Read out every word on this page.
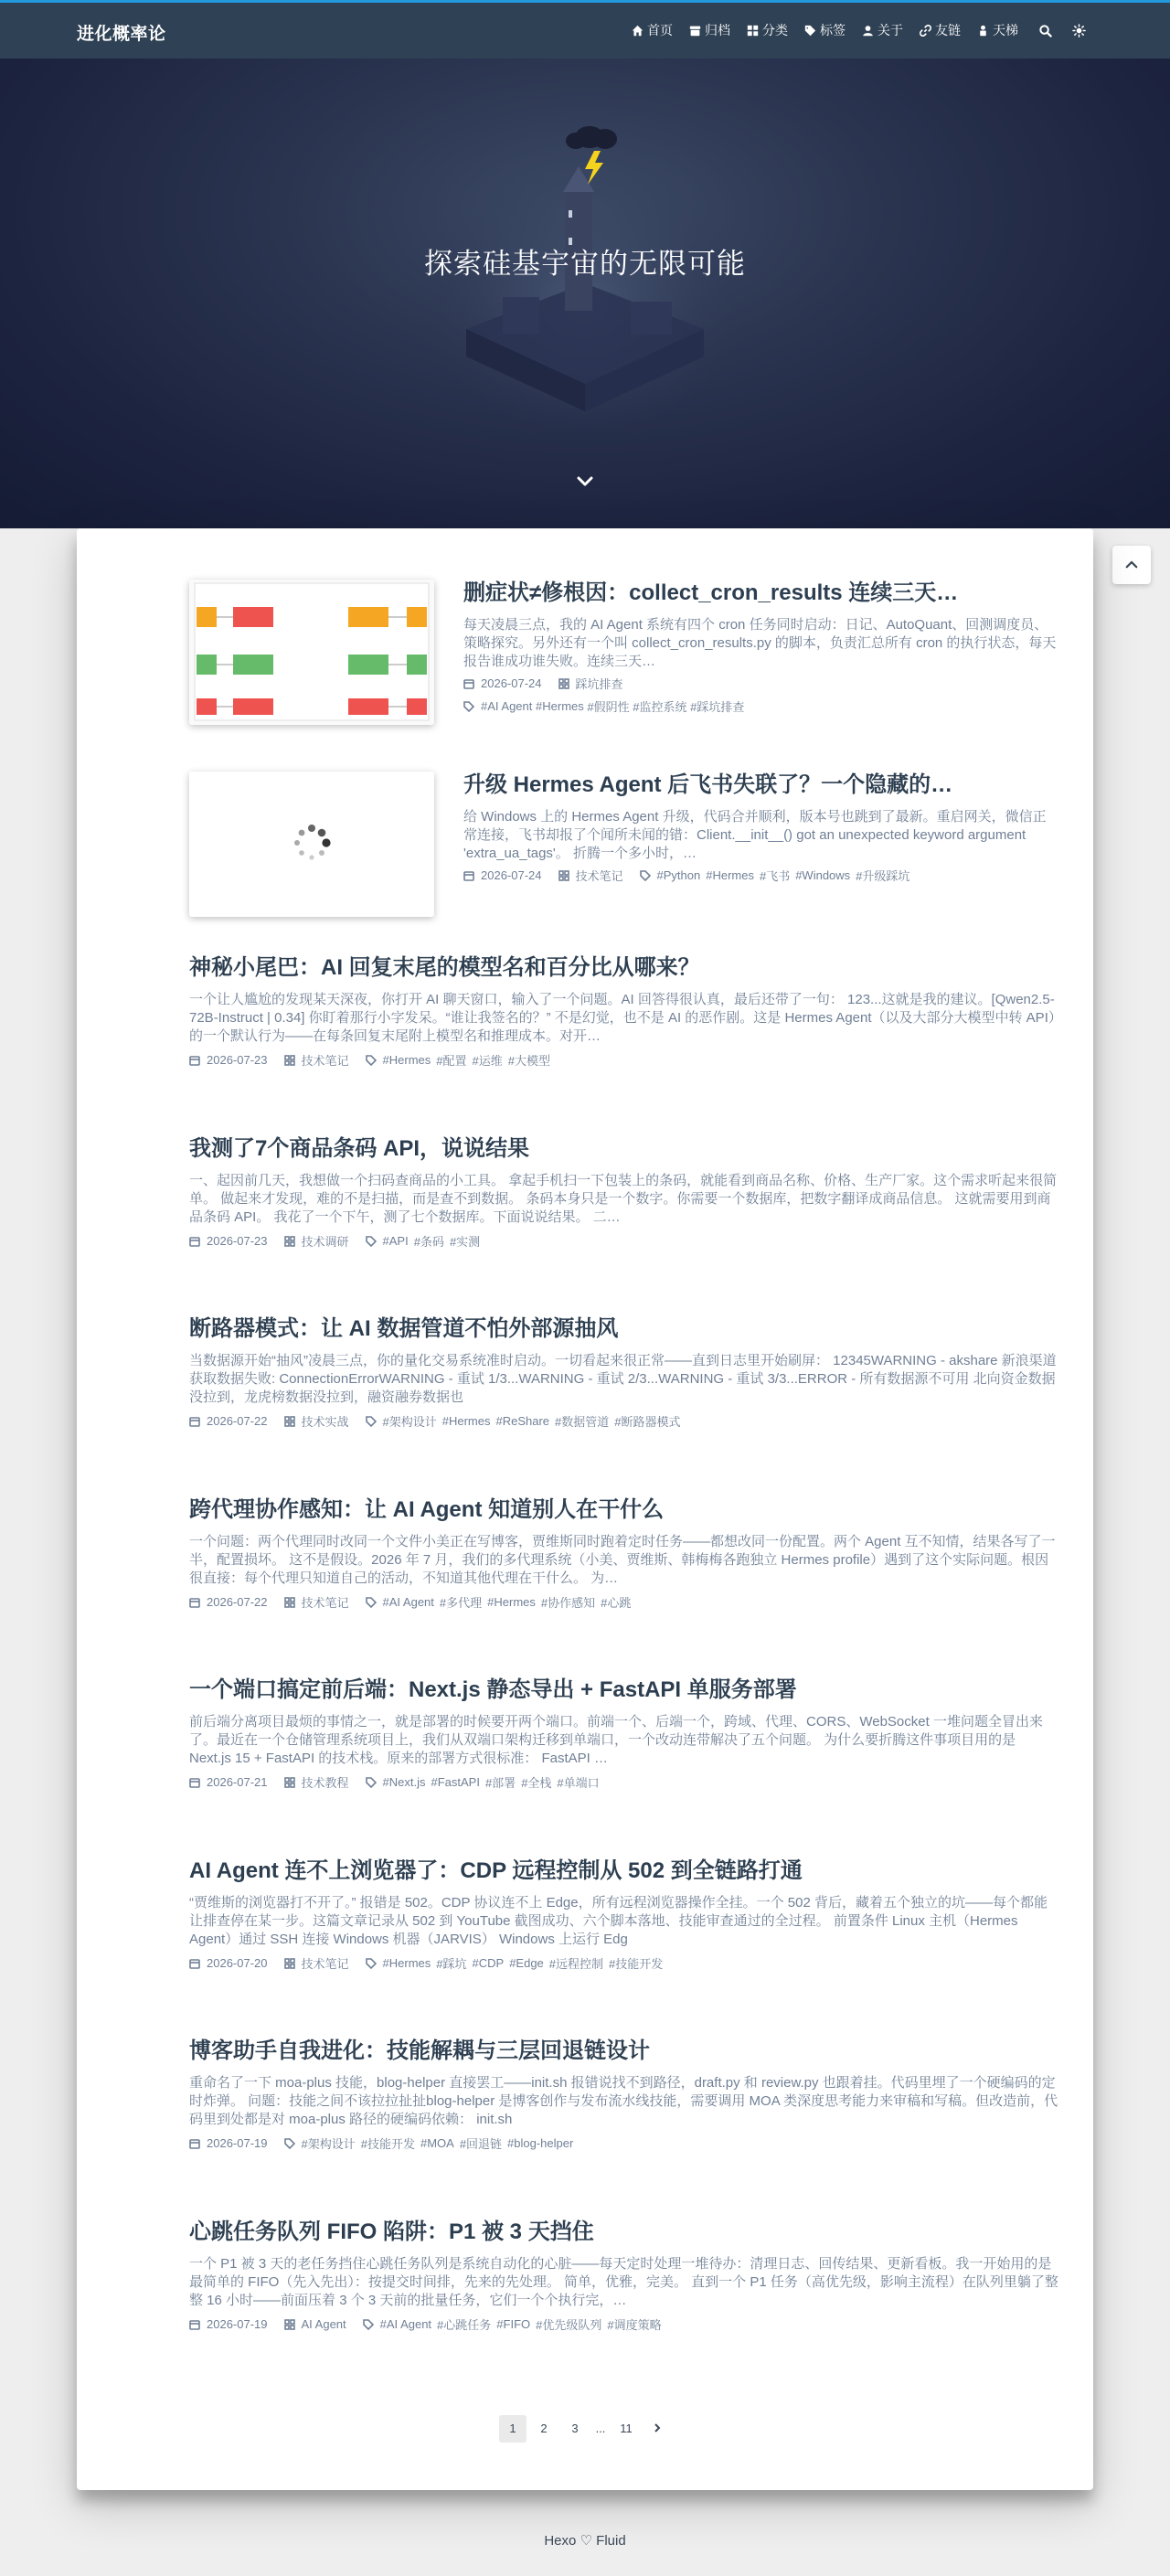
探索硅基宇宙的无限可能
进化概率论	首页	归档	分类	标签	关于	友链	天梯
删症状≠修根因：collect_cron_results 连续三天…
每天凌晨三点，我的 AI Agent 系统有四个 cron 任务同时启动：日记、AutoQuant、回测调度员、策略探究。另外还有一个叫 collect_cron_results.py 的脚本，负责汇总所有 cron 的执行状态，每天报告谁成功谁失败。连续三天…
2026-07-24	踩坑排查
#AI Agent
#Hermes
#假阴性
#监控系统
#踩坑排查
升级 Hermes Agent 后飞书失联了？一个隐藏的…
给 Windows 上的 Hermes Agent 升级，代码合并顺利，版本号也跳到了最新。重启网关，微信正常连接，飞书却报了个闻所未闻的错：Client.__init__() got an unexpected keyword argument 'extra_ua_tags'。 折腾一个多小时，…
2026-07-24	技术笔记	#Python #Hermes #飞书 #Windows #升级踩坑
神秘小尾巴：AI 回复末尾的模型名和百分比从哪来？
一个让人尴尬的发现某天深夜，你打开 AI 聊天窗口，输入了一个问题。AI 回答得很认真，最后还带了一句： 123...这就是我的建议。[Qwen2.5-72B-Instruct | 0.34] 你盯着那行小字发呆。“谁让我签名的？” 不是幻觉，也不是 AI 的恶作剧。这是 Hermes Agent（以及大部分大模型中转 API）的一个默认行为——在每条回复末尾附上模型名和推理成本。对开…
2026-07-23	技术笔记	#Hermes #配置 #运维 #大模型
我测了7个商品条码 API，说说结果
一、起因前几天，我想做一个扫码查商品的小工具。 拿起手机扫一下包装上的条码，就能看到商品名称、价格、生产厂家。这个需求听起来很简单。 做起来才发现，难的不是扫描，而是查不到数据。 条码本身只是一个数字。你需要一个数据库，把数字翻译成商品信息。 这就需要用到商品条码 API。 我花了一个下午，测了七个数据库。下面说说结果。 二…
2026-07-23	技术调研	#API #条码 #实测
断路器模式：让 AI 数据管道不怕外部源抽风
当数据源开始“抽风”凌晨三点，你的量化交易系统准时启动。一切看起来很正常——直到日志里开始刷屏： 12345WARNING - akshare 新浪渠道获取数据失败: ConnectionErrorWARNING - 重试 1/3...WARNING - 重试 2/3...WARNING - 重试 3/3...ERROR - 所有数据源不可用 北向资金数据没拉到，龙虎榜数据没拉到，融资融券数据也
2026-07-22	技术实战	#架构设计 #Hermes #ReShare #数据管道 #断路器模式
跨代理协作感知：让 AI Agent 知道别人在干什么
一个问题：两个代理同时改同一个文件小美正在写博客，贾维斯同时跑着定时任务——都想改同一份配置。两个 Agent 互不知情，结果各写了一半，配置损坏。 这不是假设。2026 年 7 月，我们的多代理系统（小美、贾维斯、韩梅梅各跑独立 Hermes profile）遇到了这个实际问题。根因很直接：每个代理只知道自己的活动，不知道其他代理在干什么。 为…
2026-07-22	技术笔记	#AI Agent #多代理 #Hermes #协作感知 #心跳
一个端口搞定前后端：Next.js 静态导出 + FastAPI 单服务部署
前后端分离项目最烦的事情之一，就是部署的时候要开两个端口。前端一个、后端一个，跨域、代理、CORS、WebSocket 一堆问题全冒出来了。最近在一个仓储管理系统项目上，我们从双端口架构迁移到单端口，一个改动连带解决了五个问题。 为什么要折腾这件事项目用的是 Next.js 15 + FastAPI 的技术栈。原来的部署方式很标准： FastAPI …
2026-07-21	技术教程	#Next.js #FastAPI #部署 #全栈 #单端口
AI Agent 连不上浏览器了：CDP 远程控制从 502 到全链路打通
“贾维斯的浏览器打不开了。” 报错是 502。CDP 协议连不上 Edge，所有远程浏览器操作全挂。一个 502 背后，藏着五个独立的坑——每个都能让排查停在某一步。这篇文章记录从 502 到 YouTube 截图成功、六个脚本落地、技能审查通过的全过程。 前置条件 Linux 主机（Hermes Agent）通过 SSH 连接 Windows 机器（JARVIS） Windows 上运行 Edg
2026-07-20	技术笔记	#Hermes #踩坑 #CDP #Edge #远程控制 #技能开发
博客助手自我进化：技能解耦与三层回退链设计
重命名了一下 moa-plus 技能，blog-helper 直接罢工——init.sh 报错说找不到路径，draft.py 和 review.py 也跟着挂。代码里埋了一个硬编码的定时炸弹。 问题：技能之间不该拉拉扯扯blog-helper 是博客创作与发布流水线技能，需要调用 MOA 类深度思考能力来审稿和写稿。但改造前，代码里到处都是对 moa-plus 路径的硬编码依赖： init.sh
2026-07-19	#架构设计 #技能开发 #MOA #回退链 #blog-helper
心跳任务队列 FIFO 陷阱：P1 被 3 天挡住
一个 P1 被 3 天的老任务挡住心跳任务队列是系统自动化的心脏——每天定时处理一堆待办：清理日志、回传结果、更新看板。我一开始用的是最简单的 FIFO（先入先出）：按提交时间排，先来的先处理。 简单，优雅，完美。 直到一个 P1 任务（高优先级，影响主流程）在队列里躺了整整 16 小时——前面压着 3 个 3 天前的批量任务，它们一个个执行完，…
2026-07-19	AI Agent	#AI Agent #心跳任务 #FIFO #优先级队列 #调度策略
1	2	3	...	11
Hexo ♡ Fluid
